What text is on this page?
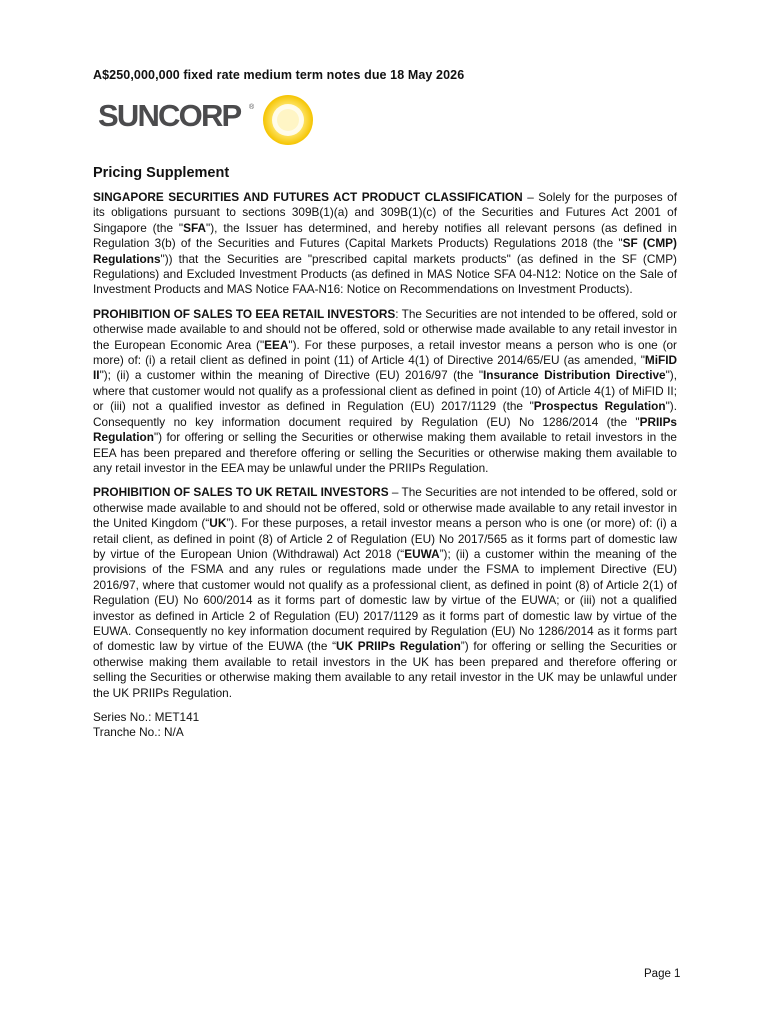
A$250,000,000 fixed rate medium term notes due 18 May 2026
SUNCORP ®
Pricing Supplement

SINGAPORE SECURITIES AND FUTURES ACT PRODUCT CLASSIFICATION – Solely for the purposes of its obligations pursuant to sections 309B(1)(a) and 309B(1)(c) of the Securities and Futures Act 2001 of Singapore (the "SFA"), the Issuer has determined, and hereby notifies all relevant persons (as defined in Regulation 3(b) of the Securities and Futures (Capital Markets Products) Regulations 2018 (the "SF (CMP) Regulations")) that the Securities are "prescribed capital markets products" (as defined in the SF (CMP) Regulations) and Excluded Investment Products (as defined in MAS Notice SFA 04-N12: Notice on the Sale of Investment Products and MAS Notice FAA-N16: Notice on Recommendations on Investment Products).

PROHIBITION OF SALES TO EEA RETAIL INVESTORS: The Securities are not intended to be offered, sold or otherwise made available to and should not be offered, sold or otherwise made available to any retail investor in the European Economic Area ("EEA"). For these purposes, a retail investor means a person who is one (or more) of: (i) a retail client as defined in point (11) of Article 4(1) of Directive 2014/65/EU (as amended, "MiFID II"); (ii) a customer within the meaning of Directive (EU) 2016/97 (the "Insurance Distribution Directive"), where that customer would not qualify as a professional client as defined in point (10) of Article 4(1) of MiFID II; or (iii) not a qualified investor as defined in Regulation (EU) 2017/1129 (the "Prospectus Regulation"). Consequently no key information document required by Regulation (EU) No 1286/2014 (the "PRIIPs Regulation") for offering or selling the Securities or otherwise making them available to retail investors in the EEA has been prepared and therefore offering or selling the Securities or otherwise making them available to any retail investor in the EEA may be unlawful under the PRIIPs Regulation.

PROHIBITION OF SALES TO UK RETAIL INVESTORS – The Securities are not intended to be offered, sold or otherwise made available to and should not be offered, sold or otherwise made available to any retail investor in the United Kingdom (“UK”). For these purposes, a retail investor means a person who is one (or more) of: (i) a retail client, as defined in point (8) of Article 2 of Regulation (EU) No 2017/565 as it forms part of domestic law by virtue of the European Union (Withdrawal) Act 2018 (“EUWA”); (ii) a customer within the meaning of the provisions of the FSMA and any rules or regulations made under the FSMA to implement Directive (EU) 2016/97, where that customer would not qualify as a professional client, as defined in point (8) of Article 2(1) of Regulation (EU) No 600/2014 as it forms part of domestic law by virtue of the EUWA; or (iii) not a qualified investor as defined in Article 2 of Regulation (EU) 2017/1129 as it forms part of domestic law by virtue of the EUWA. Consequently no key information document required by Regulation (EU) No 1286/2014 as it forms part of domestic law by virtue of the EUWA (the “UK PRIIPs Regulation”) for offering or selling the Securities or otherwise making them available to retail investors in the UK has been prepared and therefore offering or selling the Securities or otherwise making them available to any retail investor in the UK may be unlawful under the UK PRIIPs Regulation.

Series No.: MET141
Tranche No.: N/A
Page 1
